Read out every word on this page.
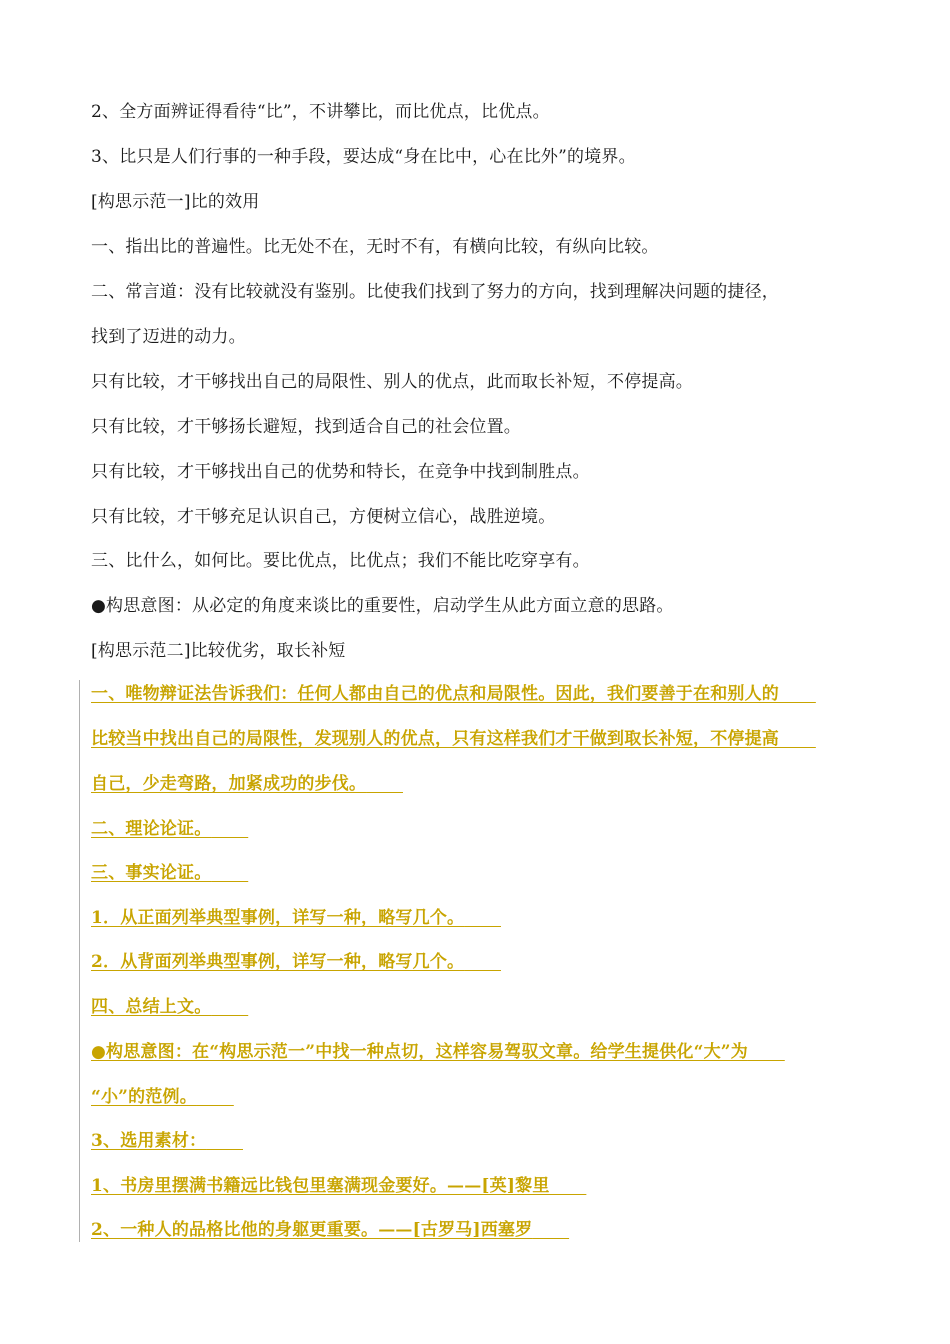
2、全方面辨证得看待“比”，不讲攀比，而比优点，比优点。
3、比只是人们行事的一种手段，要达成“身在比中，心在比外”的境界。
[构思示范一]比的效用
一、指出比的普遍性。比无处不在，无时不有，有横向比较，有纵向比较。
二、常言道：没有比较就没有鉴别。比使我们找到了努力的方向，找到理解决问题的捷径，
找到了迈进的动力。
只有比较，才干够找出自己的局限性、别人的优点，此而取长补短，不停提高。
只有比较，才干够扬长避短，找到适合自己的社会位置。
只有比较，才干够找出自己的优势和特长，在竞争中找到制胜点。
只有比较，才干够充足认识自己，方便树立信心，战胜逆境。
三、比什么，如何比。要比优点，比优点；我们不能比吃穿享有。
●构思意图：从必定的角度来谈比的重要性，启动学生从此方面立意的思路。
[构思示范二]比较优劣，取长补短
一、唯物辩证法告诉我们：任何人都由自己的优点和局限性。因此，我们要善于在和别人的
比较当中找出自己的局限性，发现别人的优点，只有这样我们才干做到取长补短，不停提高
自己，少走弯路，加紧成功的步伐。
二、理论论证。
三、事实论证。
1．从正面列举典型事例，详写一种，略写几个。
2．从背面列举典型事例，详写一种，略写几个。
四、总结上文。
●构思意图：在“构思示范一”中找一种点切，这样容易驾驭文章。给学生提供化“大”为
“小”的范例。
3、选用素材：
1、书房里摆满书籍远比钱包里塞满现金要好。——[英]黎里
2、一种人的品格比他的身躯更重要。——[古罗马]西塞罗
